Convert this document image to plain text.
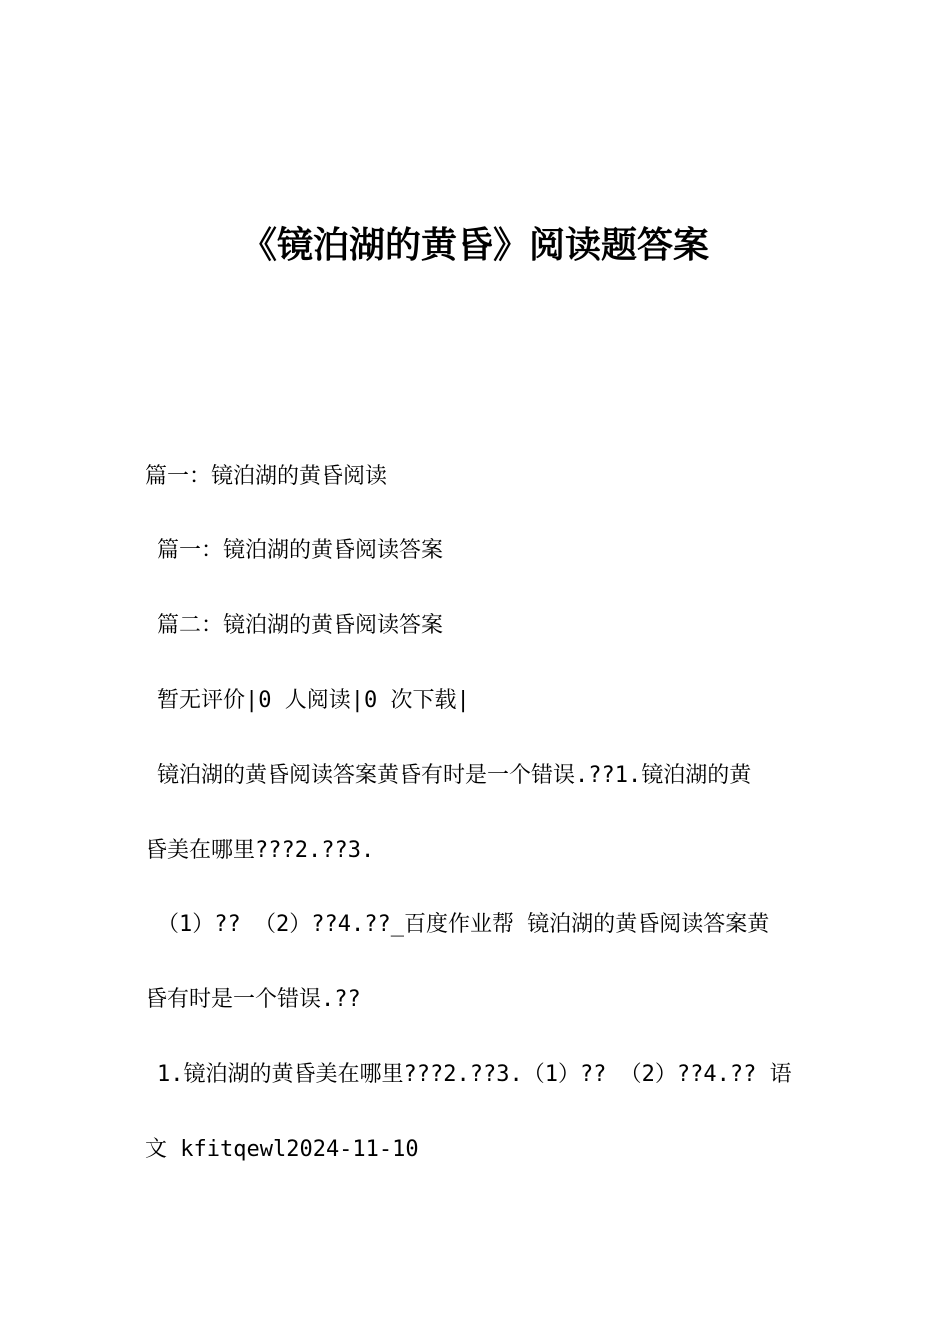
《镜泊湖的黄昏》阅读题答案
篇一：镜泊湖的黄昏阅读
篇一：镜泊湖的黄昏阅读答案
篇二：镜泊湖的黄昏阅读答案
暂无评价|0 人阅读|0 次下载|
镜泊湖的黄昏阅读答案黄昏有时是一个错误.??1.镜泊湖的黄
昏美在哪里???2.??3.
（1）?? （2）??4.??_百度作业帮 镜泊湖的黄昏阅读答案黄
昏有时是一个错误.??
1.镜泊湖的黄昏美在哪里???2.??3.（1）?? （2）??4.?? 语
文 kfitqewl2024-11-10
